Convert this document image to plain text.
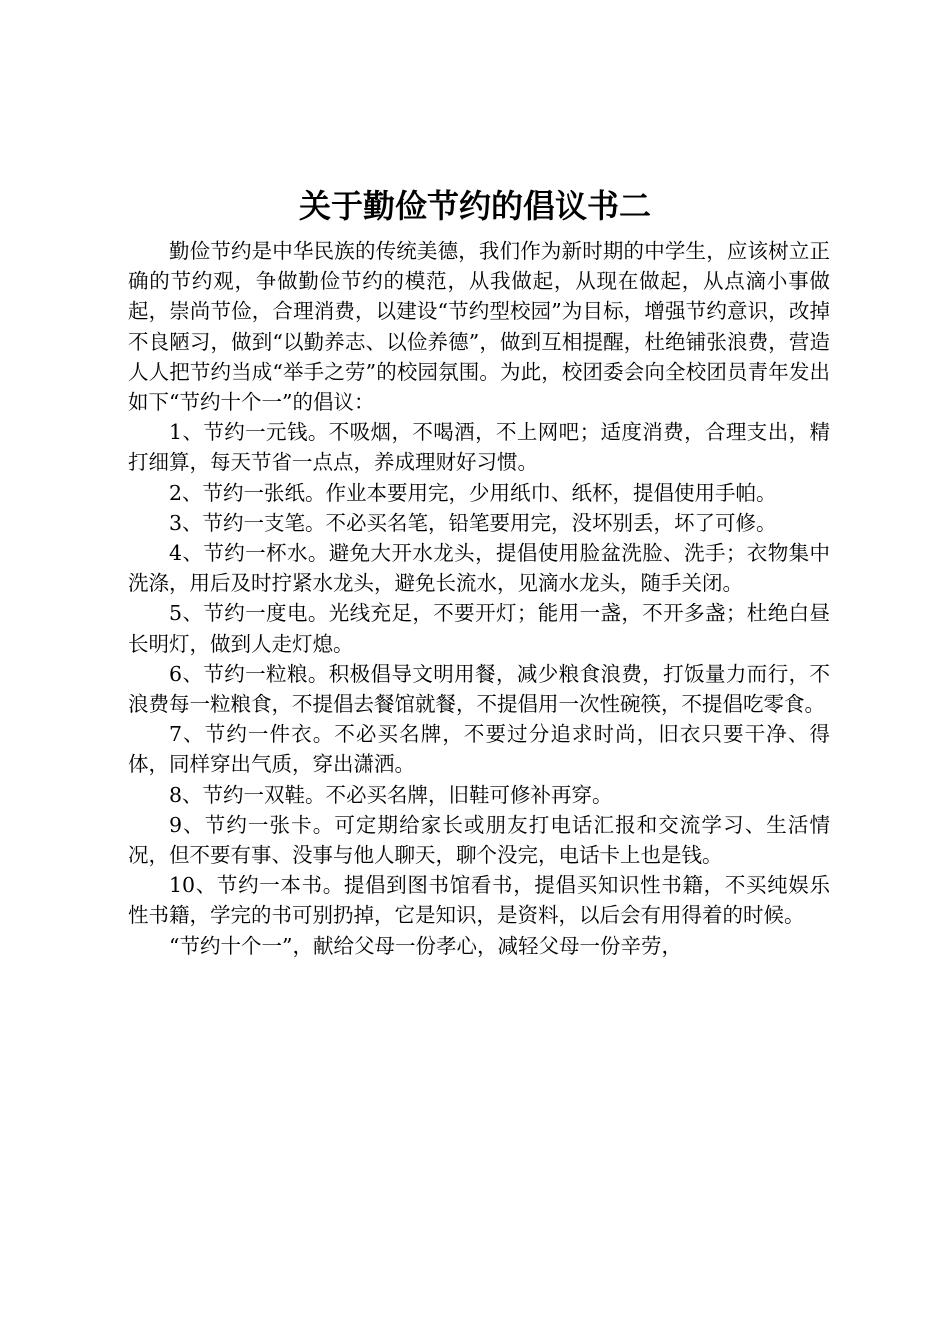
关于勤俭节约的倡议书二

勤俭节约是中华民族的传统美德，我们作为新时期的中学生，应该树立正确的节约观，争做勤俭节约的模范，从我做起，从现在做起，从点滴小事做起，崇尚节俭，合理消费，以建设“节约型校园”为目标，增强节约意识，改掉不良陋习，做到“以勤养志、以俭养德”，做到互相提醒，杜绝铺张浪费，营造人人把节约当成“举手之劳”的校园氛围。为此，校团委会向全校团员青年发出如下“节约十个一”的倡议：

1、节约一元钱。不吸烟，不喝酒，不上网吧；适度消费，合理支出，精打细算，每天节省一点点，养成理财好习惯。

2、节约一张纸。作业本要用完，少用纸巾、纸杯，提倡使用手帕。

3、节约一支笔。不必买名笔，铅笔要用完，没坏别丢，坏了可修。

4、节约一杯水。避免大开水龙头，提倡使用脸盆洗脸、洗手；衣物集中洗涤，用后及时拧紧水龙头，避免长流水，见滴水龙头，随手关闭。

5、节约一度电。光线充足，不要开灯；能用一盏，不开多盏；杜绝白昼长明灯，做到人走灯熄。

6、节约一粒粮。积极倡导文明用餐，减少粮食浪费，打饭量力而行，不浪费每一粒粮食，不提倡去餐馆就餐，不提倡用一次性碗筷，不提倡吃零食。

7、节约一件衣。不必买名牌，不要过分追求时尚，旧衣只要干净、得体，同样穿出气质，穿出潇洒。

8、节约一双鞋。不必买名牌，旧鞋可修补再穿。

9、节约一张卡。可定期给家长或朋友打电话汇报和交流学习、生活情况，但不要有事、没事与他人聊天，聊个没完，电话卡上也是钱。

10、节约一本书。提倡到图书馆看书，提倡买知识性书籍，不买纯娱乐性书籍，学完的书可别扔掉，它是知识，是资料，以后会有用得着的时候。

“节约十个一”，献给父母一份孝心，减轻父母一份辛劳，
